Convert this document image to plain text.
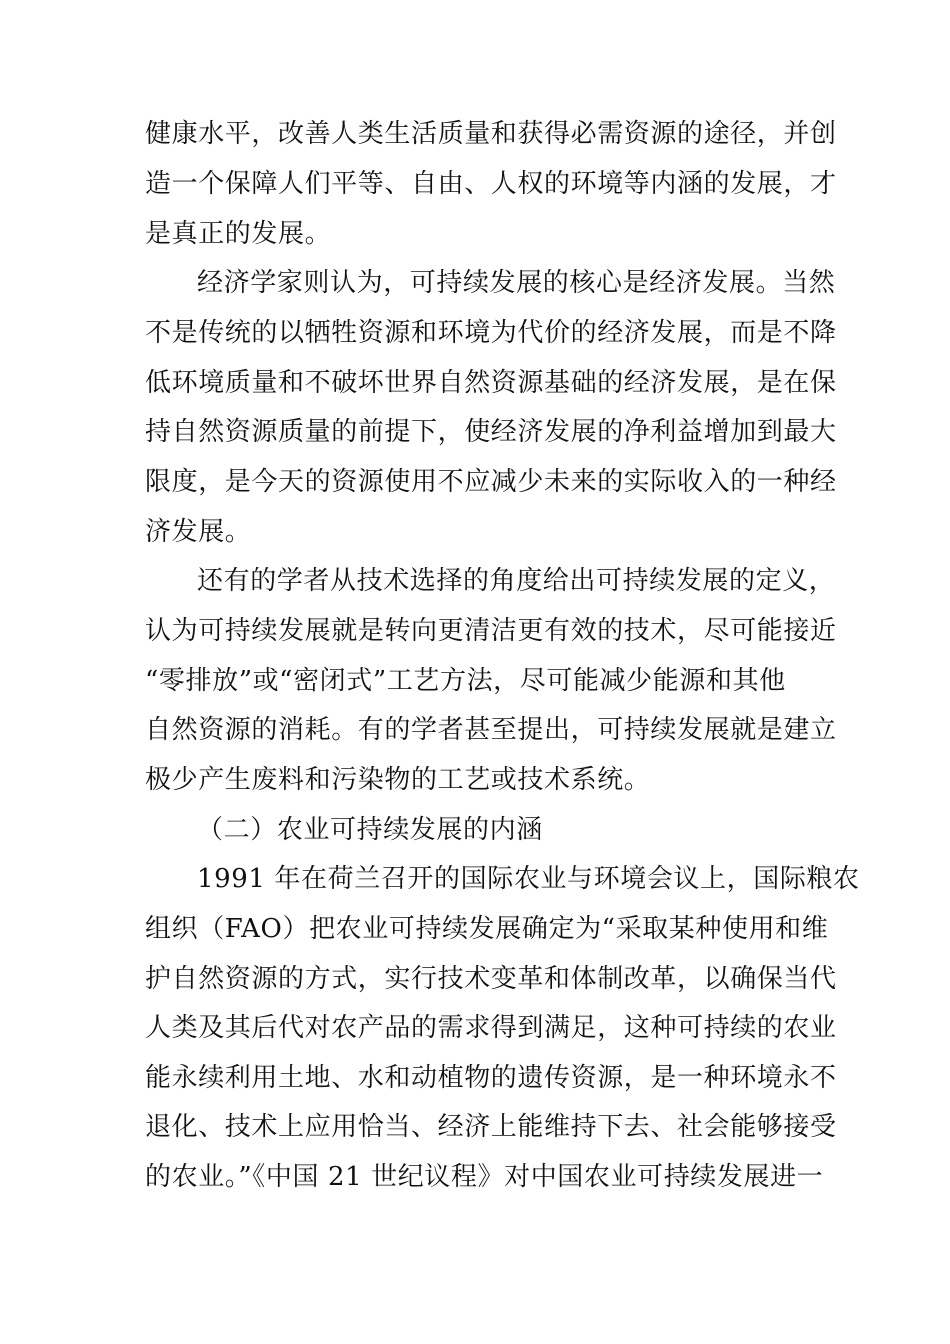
健康水平，改善人类生活质量和获得必需资源的途径，并创
造一个保障人们平等、自由、人权的环境等内涵的发展，才
是真正的发展。
经济学家则认为，可持续发展的核心是经济发展。当然
不是传统的以牺牲资源和环境为代价的经济发展，而是不降
低环境质量和不破坏世界自然资源基础的经济发展，是在保
持自然资源质量的前提下，使经济发展的净利益增加到最大
限度，是今天的资源使用不应减少未来的实际收入的一种经
济发展。
还有的学者从技术选择的角度给出可持续发展的定义，
认为可持续发展就是转向更清洁更有效的技术，尽可能接近
“零排放”或“密闭式”工艺方法，尽可能减少能源和其他
自然资源的消耗。有的学者甚至提出，可持续发展就是建立
极少产生废料和污染物的工艺或技术系统。
（二）农业可持续发展的内涵
1991 年在荷兰召开的国际农业与环境会议上，国际粮农
组织（FAO）把农业可持续发展确定为“采取某种使用和维
护自然资源的方式，实行技术变革和体制改革，以确保当代
人类及其后代对农产品的需求得到满足，这种可持续的农业
能永续利用土地、水和动植物的遗传资源，是一种环境永不
退化、技术上应用恰当、经济上能维持下去、社会能够接受
的农业。”《中国 21 世纪议程》对中国农业可持续发展进一
